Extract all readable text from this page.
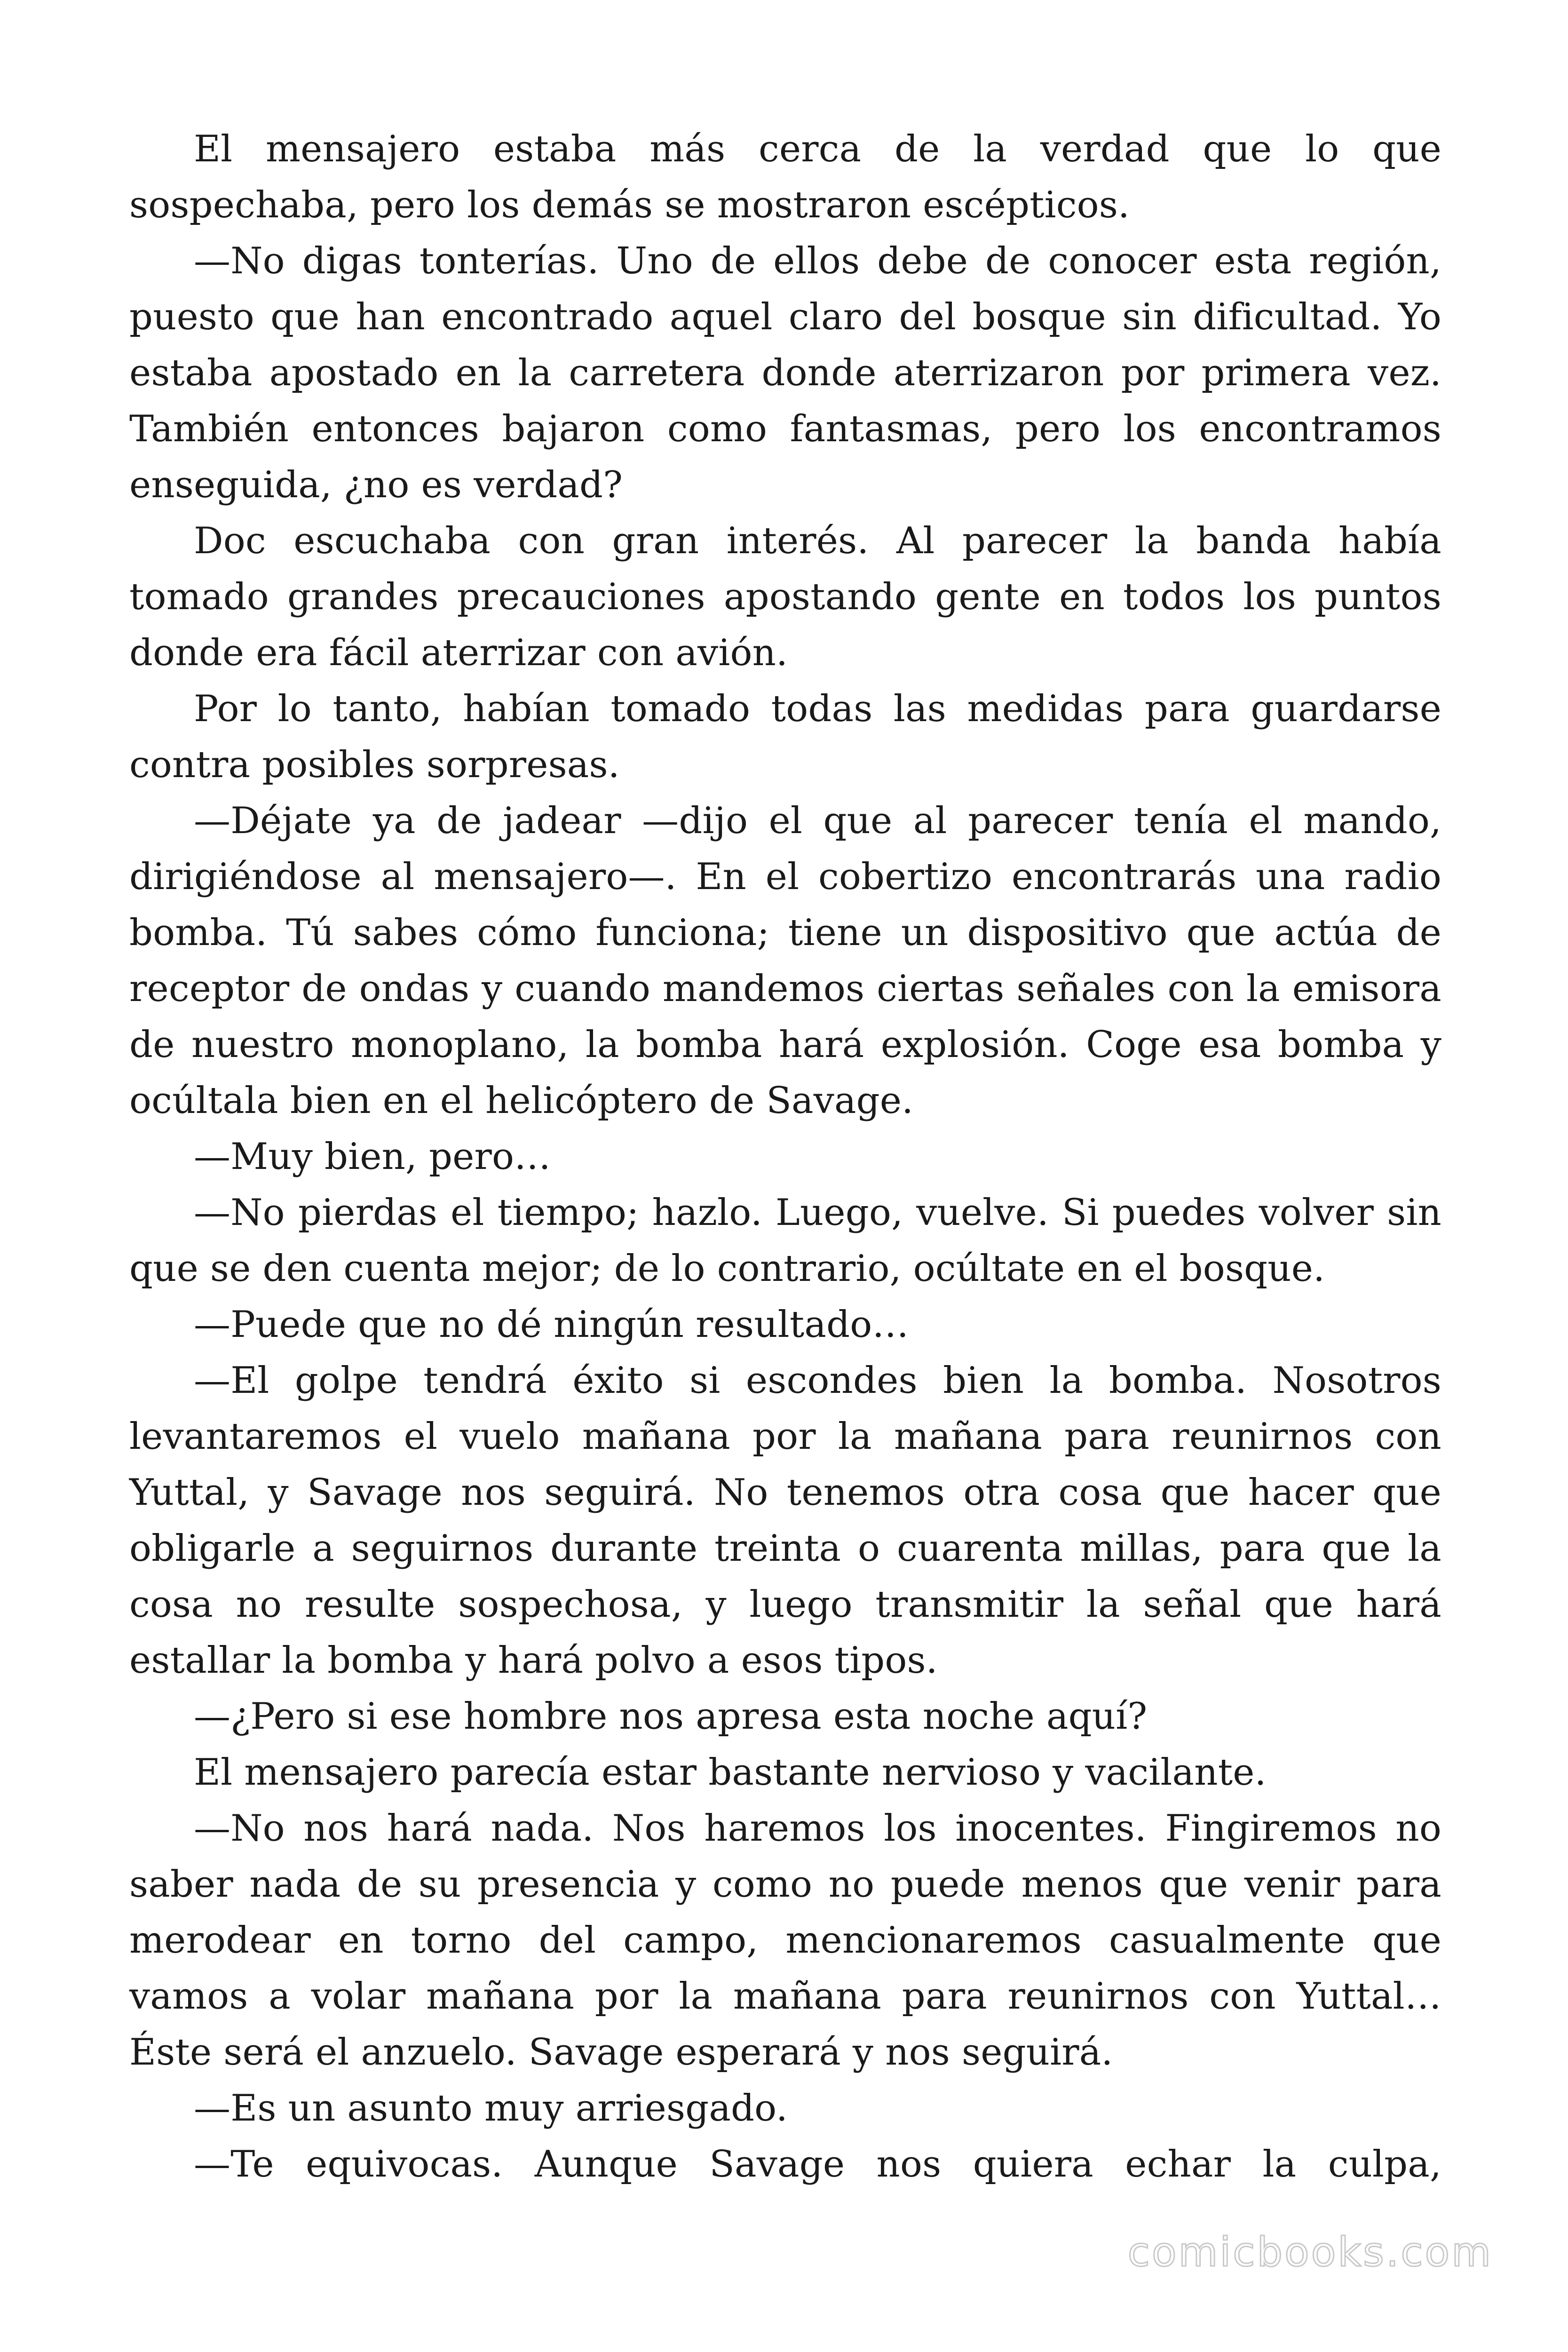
El mensajero estaba más cerca de la verdad que lo que sospechaba, pero los demás se mostraron escépticos.

—No digas tonterías. Uno de ellos debe de conocer esta región, puesto que han encontrado aquel claro del bosque sin dificultad. Yo estaba apostado en la carretera donde aterrizaron por primera vez. También entonces bajaron como fantasmas, pero los encontramos enseguida, ¿no es verdad?

Doc escuchaba con gran interés. Al parecer la banda había tomado grandes precauciones apostando gente en todos los puntos donde era fácil aterrizar con avión.

Por lo tanto, habían tomado todas las medidas para guardarse contra posibles sorpresas.

—Déjate ya de jadear —dijo el que al parecer tenía el mando, dirigiéndose al mensajero—. En el cobertizo encontrarás una radio bomba. Tú sabes cómo funciona; tiene un dispositivo que actúa de receptor de ondas y cuando mandemos ciertas señales con la emisora de nuestro monoplano, la bomba hará explosión. Coge esa bomba y ocúltala bien en el helicóptero de Savage.

—Muy bien, pero…

—No pierdas el tiempo; hazlo. Luego, vuelve. Si puedes volver sin que se den cuenta mejor; de lo contrario, ocúltate en el bosque.

—Puede que no dé ningún resultado…

—El golpe tendrá éxito si escondes bien la bomba. Nosotros levantaremos el vuelo mañana por la mañana para reunirnos con Yuttal, y Savage nos seguirá. No tenemos otra cosa que hacer que obligarle a seguirnos durante treinta o cuarenta millas, para que la cosa no resulte sospechosa, y luego transmitir la señal que hará estallar la bomba y hará polvo a esos tipos.

—¿Pero si ese hombre nos apresa esta noche aquí?

El mensajero parecía estar bastante nervioso y vacilante.

—No nos hará nada. Nos haremos los inocentes. Fingiremos no saber nada de su presencia y como no puede menos que venir para merodear en torno del campo, mencionaremos casualmente que vamos a volar mañana por la mañana para reunirnos con Yuttal… Éste será el anzuelo. Savage esperará y nos seguirá.

—Es un asunto muy arriesgado.

—Te equivocas. Aunque Savage nos quiera echar la culpa,

comicbooks.com
